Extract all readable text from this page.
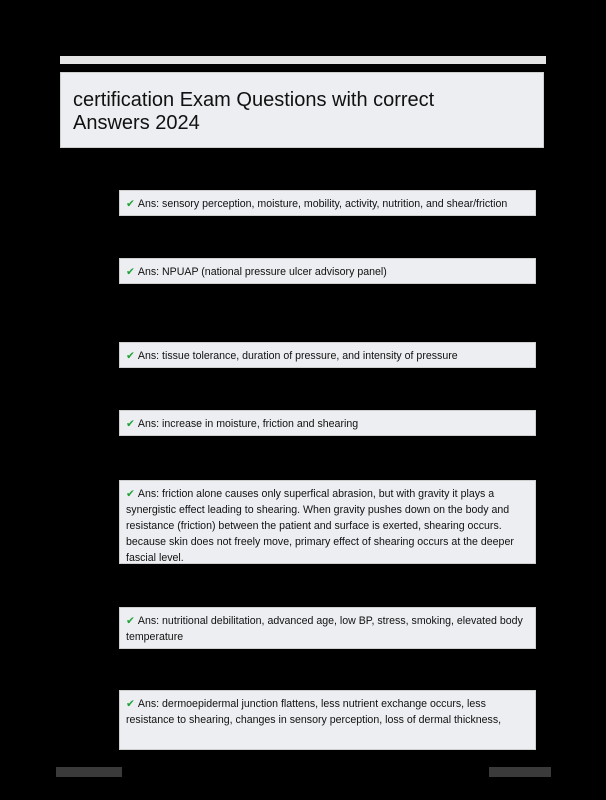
certification Exam Questions with correct Answers 2024
✔ Ans: sensory perception, moisture, mobility, activity, nutrition, and shear/friction
✔ Ans: NPUAP (national pressure ulcer advisory panel)
✔ Ans: tissue tolerance, duration of pressure, and intensity of pressure
✔ Ans: increase in moisture, friction and shearing
✔ Ans: friction alone causes only superfical abrasion, but with gravity it plays a synergistic effect leading to shearing. When gravity pushes down on the body and resistance (friction) between the patient and surface is exerted, shearing occurs. because skin does not freely move, primary effect of shearing occurs at the deeper fascial level.
✔ Ans: nutritional debilitation, advanced age, low BP, stress, smoking, elevated body temperature
✔ Ans: dermoepidermal junction flattens, less nutrient exchange occurs, less resistance to shearing, changes in sensory perception, loss of dermal thickness,
